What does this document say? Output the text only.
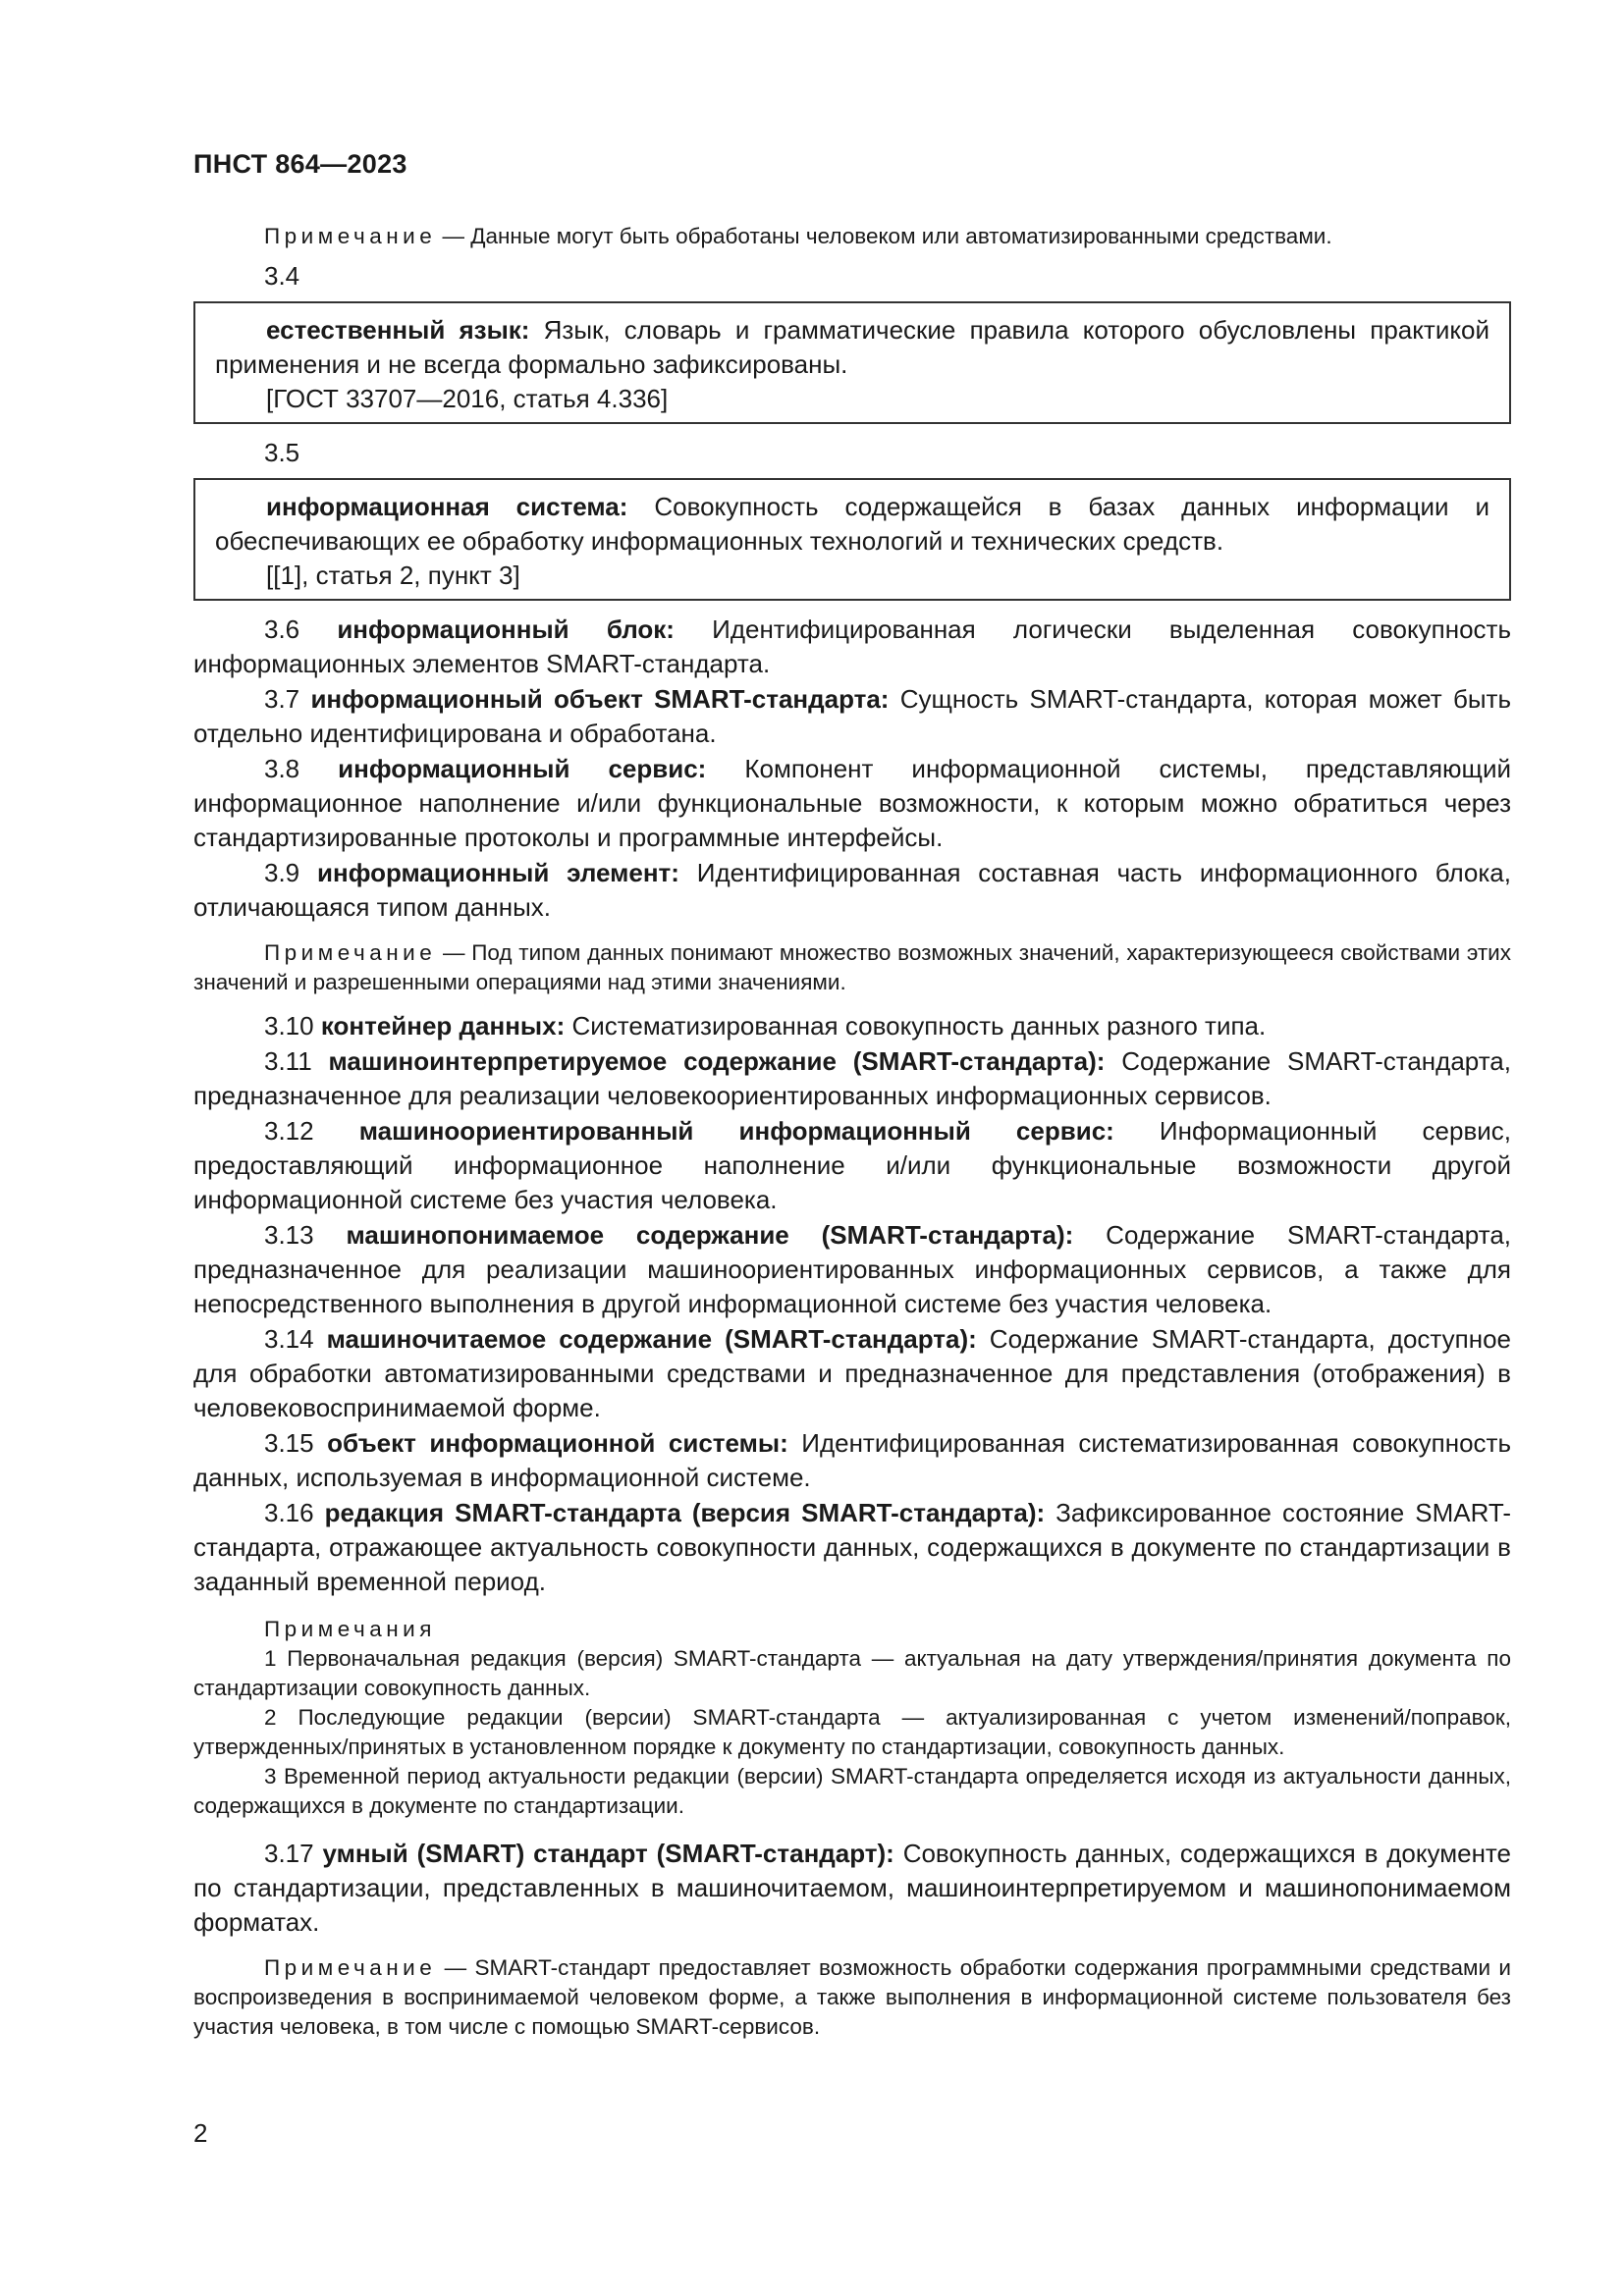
ПНСТ 864—2023

Примечание — Данные могут быть обработаны человеком или автоматизированными средствами.

3.4

естественный язык: Язык, словарь и грамматические правила которого обусловлены практикой применения и не всегда формально зафиксированы.

[ГОСТ 33707—2016, статья 4.336]

3.5

информационная система: Совокупность содержащейся в базах данных информации и обеспечивающих ее обработку информационных технологий и технических средств.

[[1], статья 2, пункт 3]

3.6 информационный блок: Идентифицированная логически выделенная совокупность информационных элементов SMART-стандарта.

3.7 информационный объект SMART-стандарта: Сущность SMART-стандарта, которая может быть отдельно идентифицирована и обработана.

3.8 информационный сервис: Компонент информационной системы, представляющий информационное наполнение и/или функциональные возможности, к которым можно обратиться через стандартизированные протоколы и программные интерфейсы.

3.9 информационный элемент: Идентифицированная составная часть информационного блока, отличающаяся типом данных.

Примечание — Под типом данных понимают множество возможных значений, характеризующееся свойствами этих значений и разрешенными операциями над этими значениями.

3.10 контейнер данных: Систематизированная совокупность данных разного типа.

3.11 машиноинтерпретируемое содержание (SMART-стандарта): Содержание SMART-стандарта, предназначенное для реализации человекоориентированных информационных сервисов.

3.12 машиноориентированный информационный сервис: Информационный сервис, предоставляющий информационное наполнение и/или функциональные возможности другой информационной системе без участия человека.

3.13 машинопонимаемое содержание (SMART-стандарта): Содержание SMART-стандарта, предназначенное для реализации машиноориентированных информационных сервисов, а также для непосредственного выполнения в другой информационной системе без участия человека.

3.14 машиночитаемое содержание (SMART-стандарта): Содержание SMART-стандарта, доступное для обработки автоматизированными средствами и предназначенное для представления (отображения) в человековоспринимаемой форме.

3.15 объект информационной системы: Идентифицированная систематизированная совокупность данных, используемая в информационной системе.

3.16 редакция SMART-стандарта (версия SMART-стандарта): Зафиксированное состояние SMART-стандарта, отражающее актуальность совокупности данных, содержащихся в документе по стандартизации в заданный временной период.

Примечания

1 Первоначальная редакция (версия) SMART-стандарта — актуальная на дату утверждения/принятия документа по стандартизации совокупность данных.

2 Последующие редакции (версии) SMART-стандарта — актуализированная с учетом изменений/поправок, утвержденных/принятых в установленном порядке к документу по стандартизации, совокупность данных.

3 Временной период актуальности редакции (версии) SMART-стандарта определяется исходя из актуальности данных, содержащихся в документе по стандартизации.

3.17 умный (SMART) стандарт (SMART-стандарт): Совокупность данных, содержащихся в документе по стандартизации, представленных в машиночитаемом, машиноинтерпретируемом и машинопонимаемом форматах.

Примечание — SMART-стандарт предоставляет возможность обработки содержания программными средствами и воспроизведения в воспринимаемой человеком форме, а также выполнения в информационной системе пользователя без участия человека, в том числе с помощью SMART-сервисов.

2
